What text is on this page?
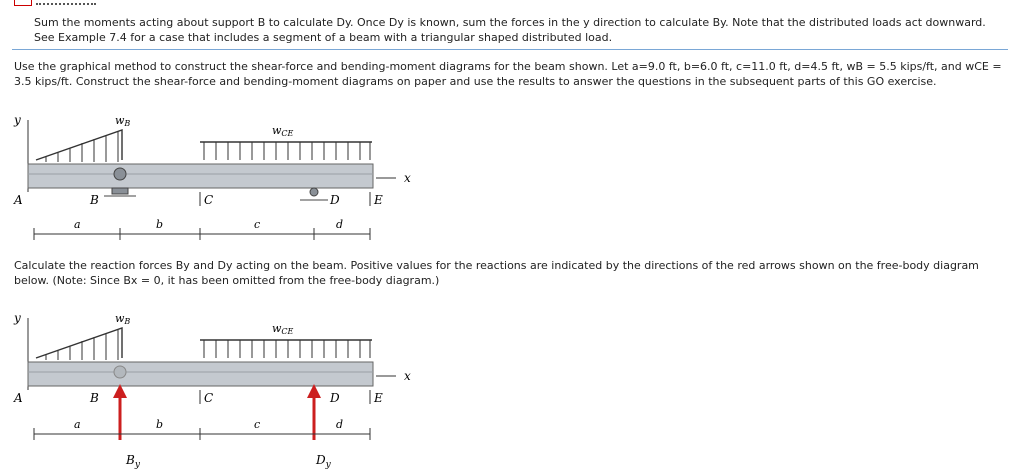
Sum the moments acting about support B to calculate Dy. Once Dy is known, sum the forces in the y direction to calculate By. Note that the distributed loads act downward. See Example 7.4 for a case that includes a segment of a beam with a triangular shaped distributed load.

Use the graphical method to construct the shear-force and bending-moment diagrams for the beam shown. Let a=9.0 ft, b=6.0 ft, c=11.0 ft, d=4.5 ft, wB = 5.5 kips/ft, and wCE = 3.5 kips/ft. Construct the shear-force and bending-moment diagrams on paper and use the results to answer the questions in the subsequent parts of this GO exercise.

y
x
wB
wCE
A	B	C	D	E
a	b	c	d

Calculate the reaction forces By and Dy acting on the beam. Positive values for the reactions are indicated by the directions of the red arrows shown on the free-body diagram below. (Note: Since Bx = 0, it has been omitted from the free-body diagram.)

y
x
wB
wCE
A	B	C	D	E
a	b	c	d
$B_y$	$D_y$
